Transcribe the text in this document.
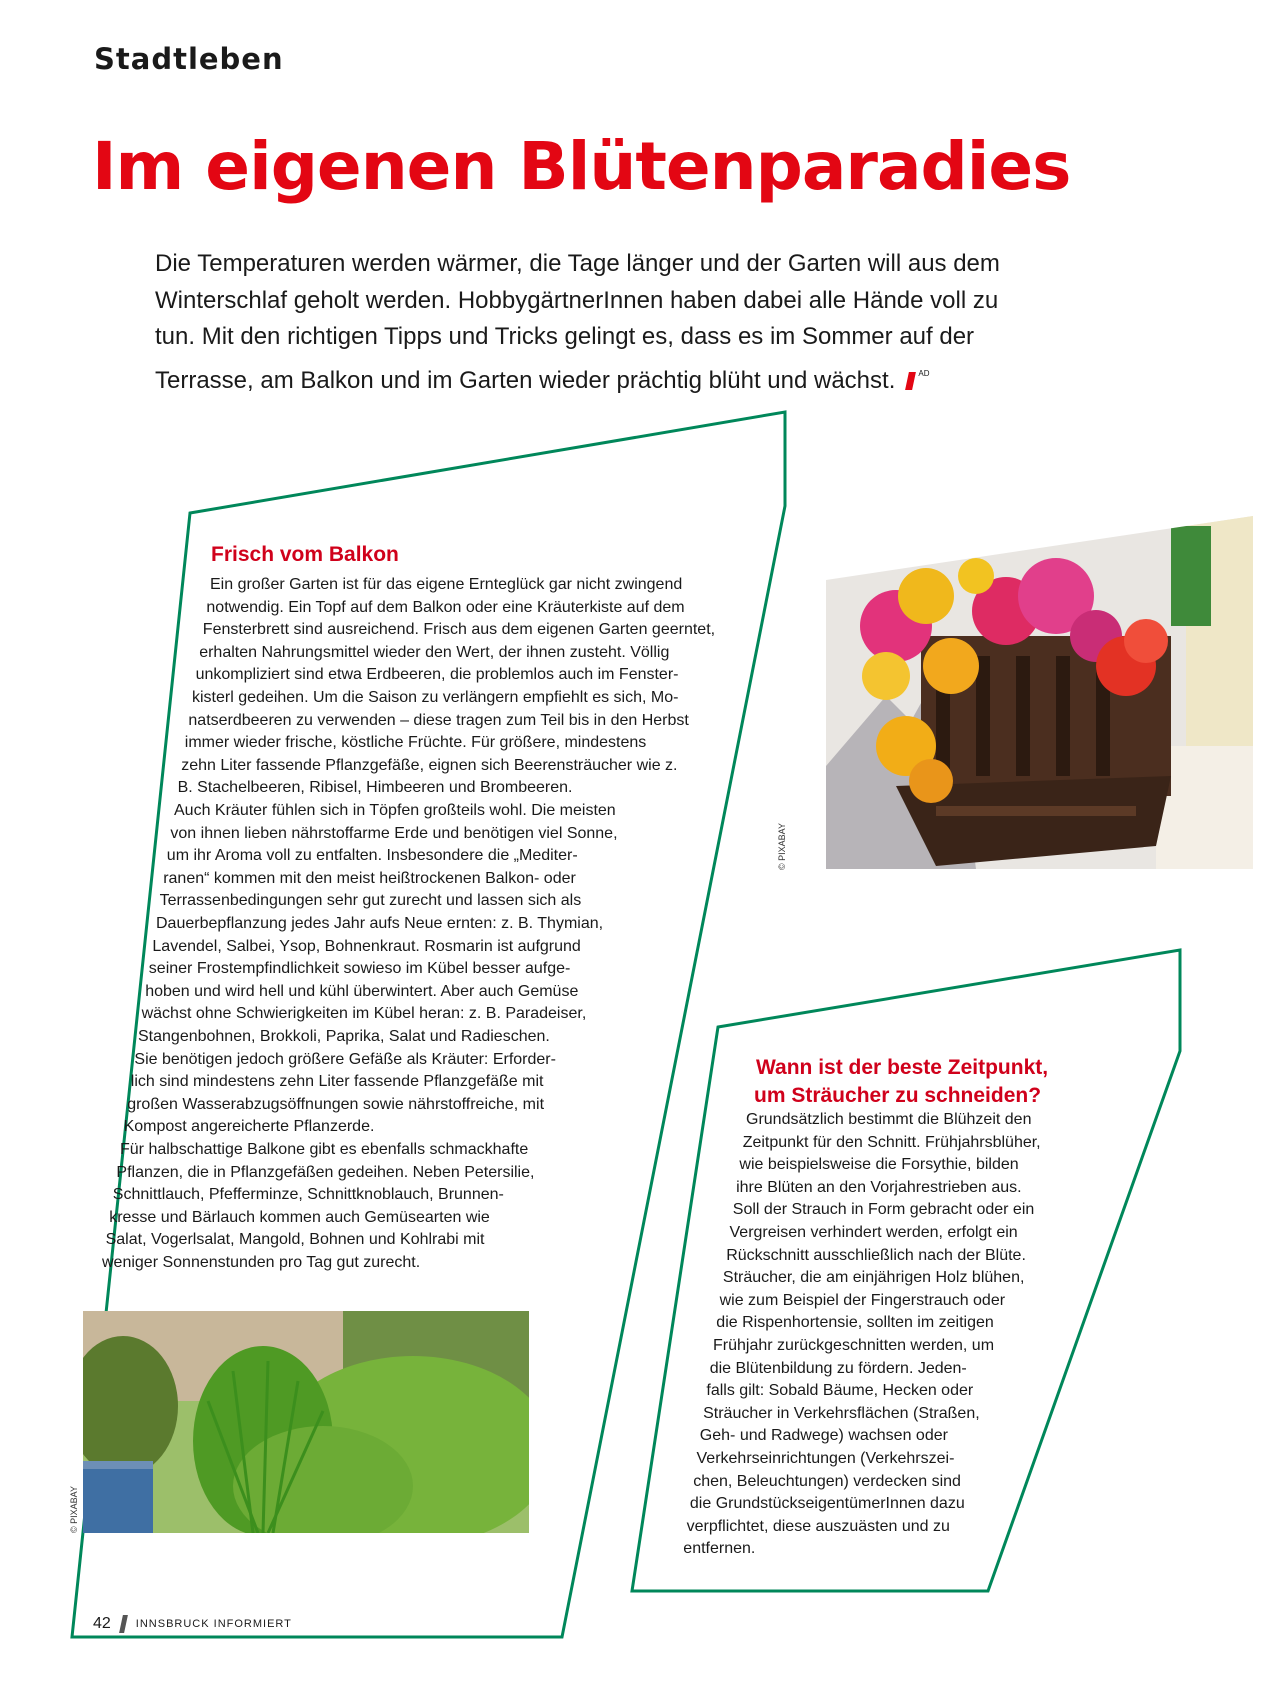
Stadtleben
Im eigenen Blütenparadies
Die Temperaturen werden wärmer, die Tage länger und der Garten will aus dem Winterschlaf geholt werden. HobbygärtnerInnen haben dabei alle Hände voll zu tun. Mit den richtigen Tipps und Tricks gelingt es, dass es im Sommer auf der Terrasse, am Balkon und im Garten wieder prächtig blüht und wächst.	$^{AD}$
© PIXABAY
© PIXABAY
Frisch vom Balkon
Ein großer Garten ist für das eigene Ernteglück gar nicht zwingend
notwendig. Ein Topf auf dem Balkon oder eine Kräuterkiste auf dem
Fensterbrett sind ausreichend. Frisch aus dem eigenen Garten geerntet,
erhalten Nahrungsmittel wieder den Wert, der ihnen zusteht. Völlig
unkompliziert sind etwa Erdbeeren, die problemlos auch im Fenster-
kisterl gedeihen. Um die Saison zu verlängern empfiehlt es sich, Mo-
natserdbeeren zu verwenden – diese tragen zum Teil bis in den Herbst
immer wieder frische, köstliche Früchte. Für größere, mindestens
zehn Liter fassende Pflanzgefäße, eignen sich Beerensträucher wie z.
B. Stachelbeeren, Ribisel, Himbeeren und Brombeeren.
Auch Kräuter fühlen sich in Töpfen großteils wohl. Die meisten
von ihnen lieben nährstoffarme Erde und benötigen viel Sonne,
um ihr Aroma voll zu entfalten. Insbesondere die „Mediter-
ranen“ kommen mit den meist heißtrockenen Balkon- oder
Terrassenbedingungen sehr gut zurecht und lassen sich als
Dauerbepflanzung jedes Jahr aufs Neue ernten: z. B. Thymian,
Lavendel, Salbei, Ysop, Bohnenkraut. Rosmarin ist aufgrund
seiner Frostempfindlichkeit sowieso im Kübel besser aufge-
hoben und wird hell und kühl überwintert. Aber auch Gemüse
wächst ohne Schwierigkeiten im Kübel heran: z. B. Paradeiser,
Stangenbohnen, Brokkoli, Paprika, Salat und Radieschen.
Sie benötigen jedoch größere Gefäße als Kräuter: Erforder-
lich sind mindestens zehn Liter fassende Pflanzgefäße mit
großen Wasserabzugsöffnungen sowie nährstoffreiche, mit
Kompost angereicherte Pflanzerde.
Für halbschattige Balkone gibt es ebenfalls schmackhafte
Pflanzen, die in Pflanzgefäßen gedeihen. Neben Petersilie,
Schnittlauch, Pfefferminze, Schnittknoblauch, Brunnen-
kresse und Bärlauch kommen auch Gemüsearten wie
Salat, Vogerlsalat, Mangold, Bohnen und Kohlrabi mit
weniger Sonnenstunden pro Tag gut zurecht.
Wann ist der beste Zeitpunkt,
um Sträucher zu schneiden?
Grundsätzlich bestimmt die Blühzeit den
Zeitpunkt für den Schnitt. Frühjahrsblüher,
wie beispielsweise die Forsythie, bilden
ihre Blüten an den Vorjahrestrieben aus.
Soll der Strauch in Form gebracht oder ein
Vergreisen verhindert werden, erfolgt ein
Rückschnitt ausschließlich nach der Blüte.
Sträucher, die am einjährigen Holz blühen,
wie zum Beispiel der Fingerstrauch oder
die Rispenhortensie, sollten im zeitigen
Frühjahr zurückgeschnitten werden, um
die Blütenbildung zu fördern. Jeden-
falls gilt: Sobald Bäume, Hecken oder
Sträucher in Verkehrsflächen (Straßen,
Geh- und Radwege) wachsen oder
Verkehrseinrichtungen (Verkehrszei-
chen, Beleuchtungen) verdecken sind
die GrundstückseigentümerInnen dazu
verpflichtet, diese auszuästen und zu
entfernen.
42 INNSBRUCK INFORMIERT
